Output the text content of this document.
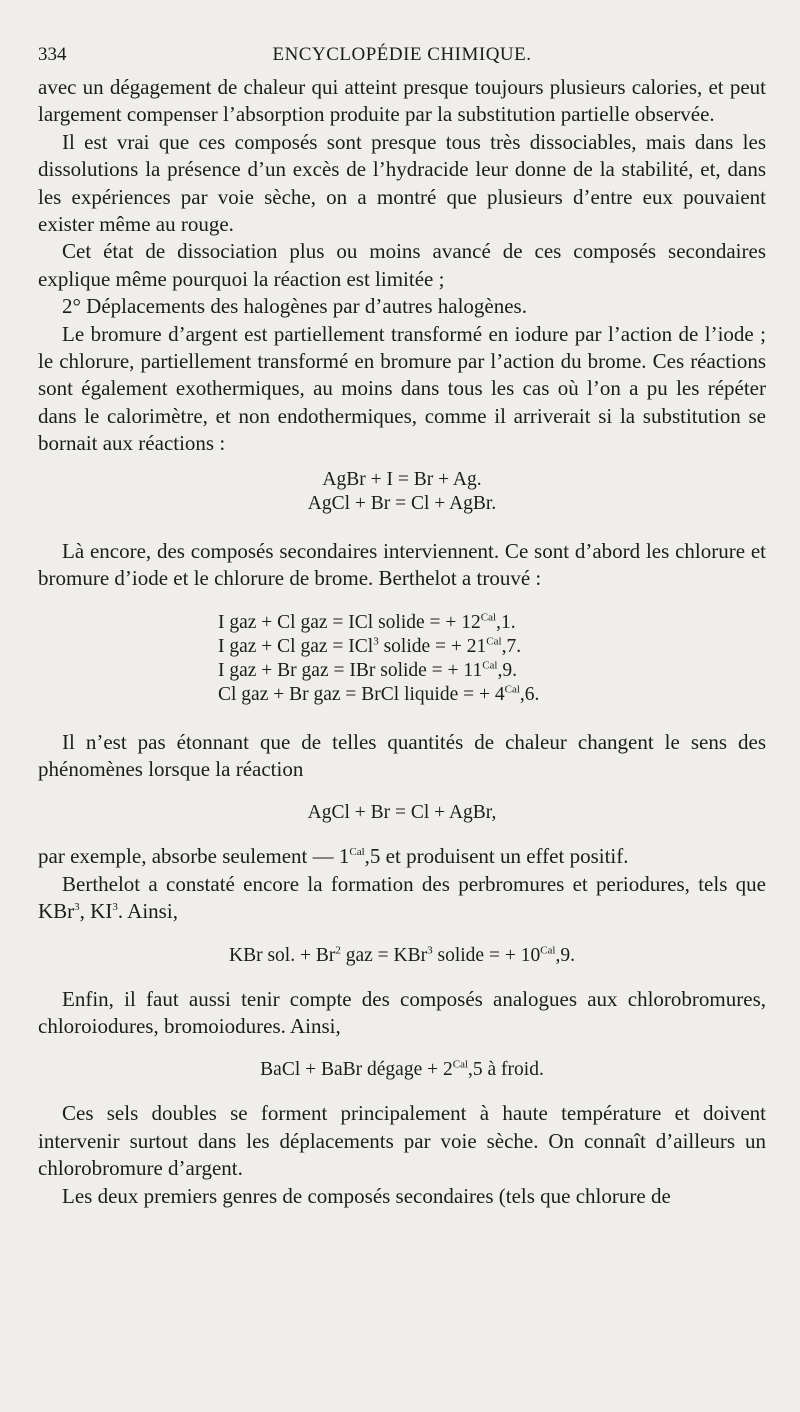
334	ENCYCLOPÉDIE CHIMIQUE.

avec un dégagement de chaleur qui atteint presque toujours plusieurs calories, et peut largement compenser l’absorption produite par la substitution partielle observée.

Il est vrai que ces composés sont presque tous très dissociables, mais dans les dissolutions la présence d’un excès de l’hydracide leur donne de la stabilité, et, dans les expériences par voie sèche, on a montré que plusieurs d’entre eux pouvaient exister même au rouge.

Cet état de dissociation plus ou moins avancé de ces composés secondaires explique même pourquoi la réaction est limitée ;

2° Déplacements des halogènes par d’autres halogènes.

Le bromure d’argent est partiellement transformé en iodure par l’action de l’iode ; le chlorure, partiellement transformé en bromure par l’action du brome. Ces réactions sont également exothermiques, au moins dans tous les cas où l’on a pu les répéter dans le calorimètre, et non endothermiques, comme il arriverait si la substitution se bornait aux réactions :

AgBr + I = Br + Ag.

AgCl + Br = Cl + AgBr.

Là encore, des composés secondaires interviennent. Ce sont d’abord les chlorure et bromure d’iode et le chlorure de brome. Berthelot a trouvé :

I gaz + Cl gaz = ICl solide = + $12^{Cal},1$.

I gaz + Cl gaz = ICl$^3$ solide = + $21^{Cal},7$.

I gaz + Br gaz = IBr solide = + $11^{Cal},9$.

Cl gaz + Br gaz = BrCl liquide = + $4^{Cal},6$.

Il n’est pas étonnant que de telles quantités de chaleur changent le sens des phénomènes lorsque la réaction

AgCl + Br = Cl + AgBr,

par exemple, absorbe seulement — $1^{Cal},5$ et produisent un effet positif.

Berthelot a constaté encore la formation des perbromures et periodures, tels que KBr$^3$, $KI^3$. Ainsi,

KBr sol. + $Br^2$ gaz = KBr$^3$ solide = + $10^{Cal},9$.

Enfin, il faut aussi tenir compte des composés analogues aux chlorobromures, chloroiodures, bromoiodures. Ainsi,

BaCl + BaBr dégage + $2^{Cal},5$ à froid.

Ces sels doubles se forment principalement à haute température et doivent intervenir surtout dans les déplacements par voie sèche. On connaît d’ailleurs un chlorobromure d’argent.

Les deux premiers genres de composés secondaires (tels que chlorure de
